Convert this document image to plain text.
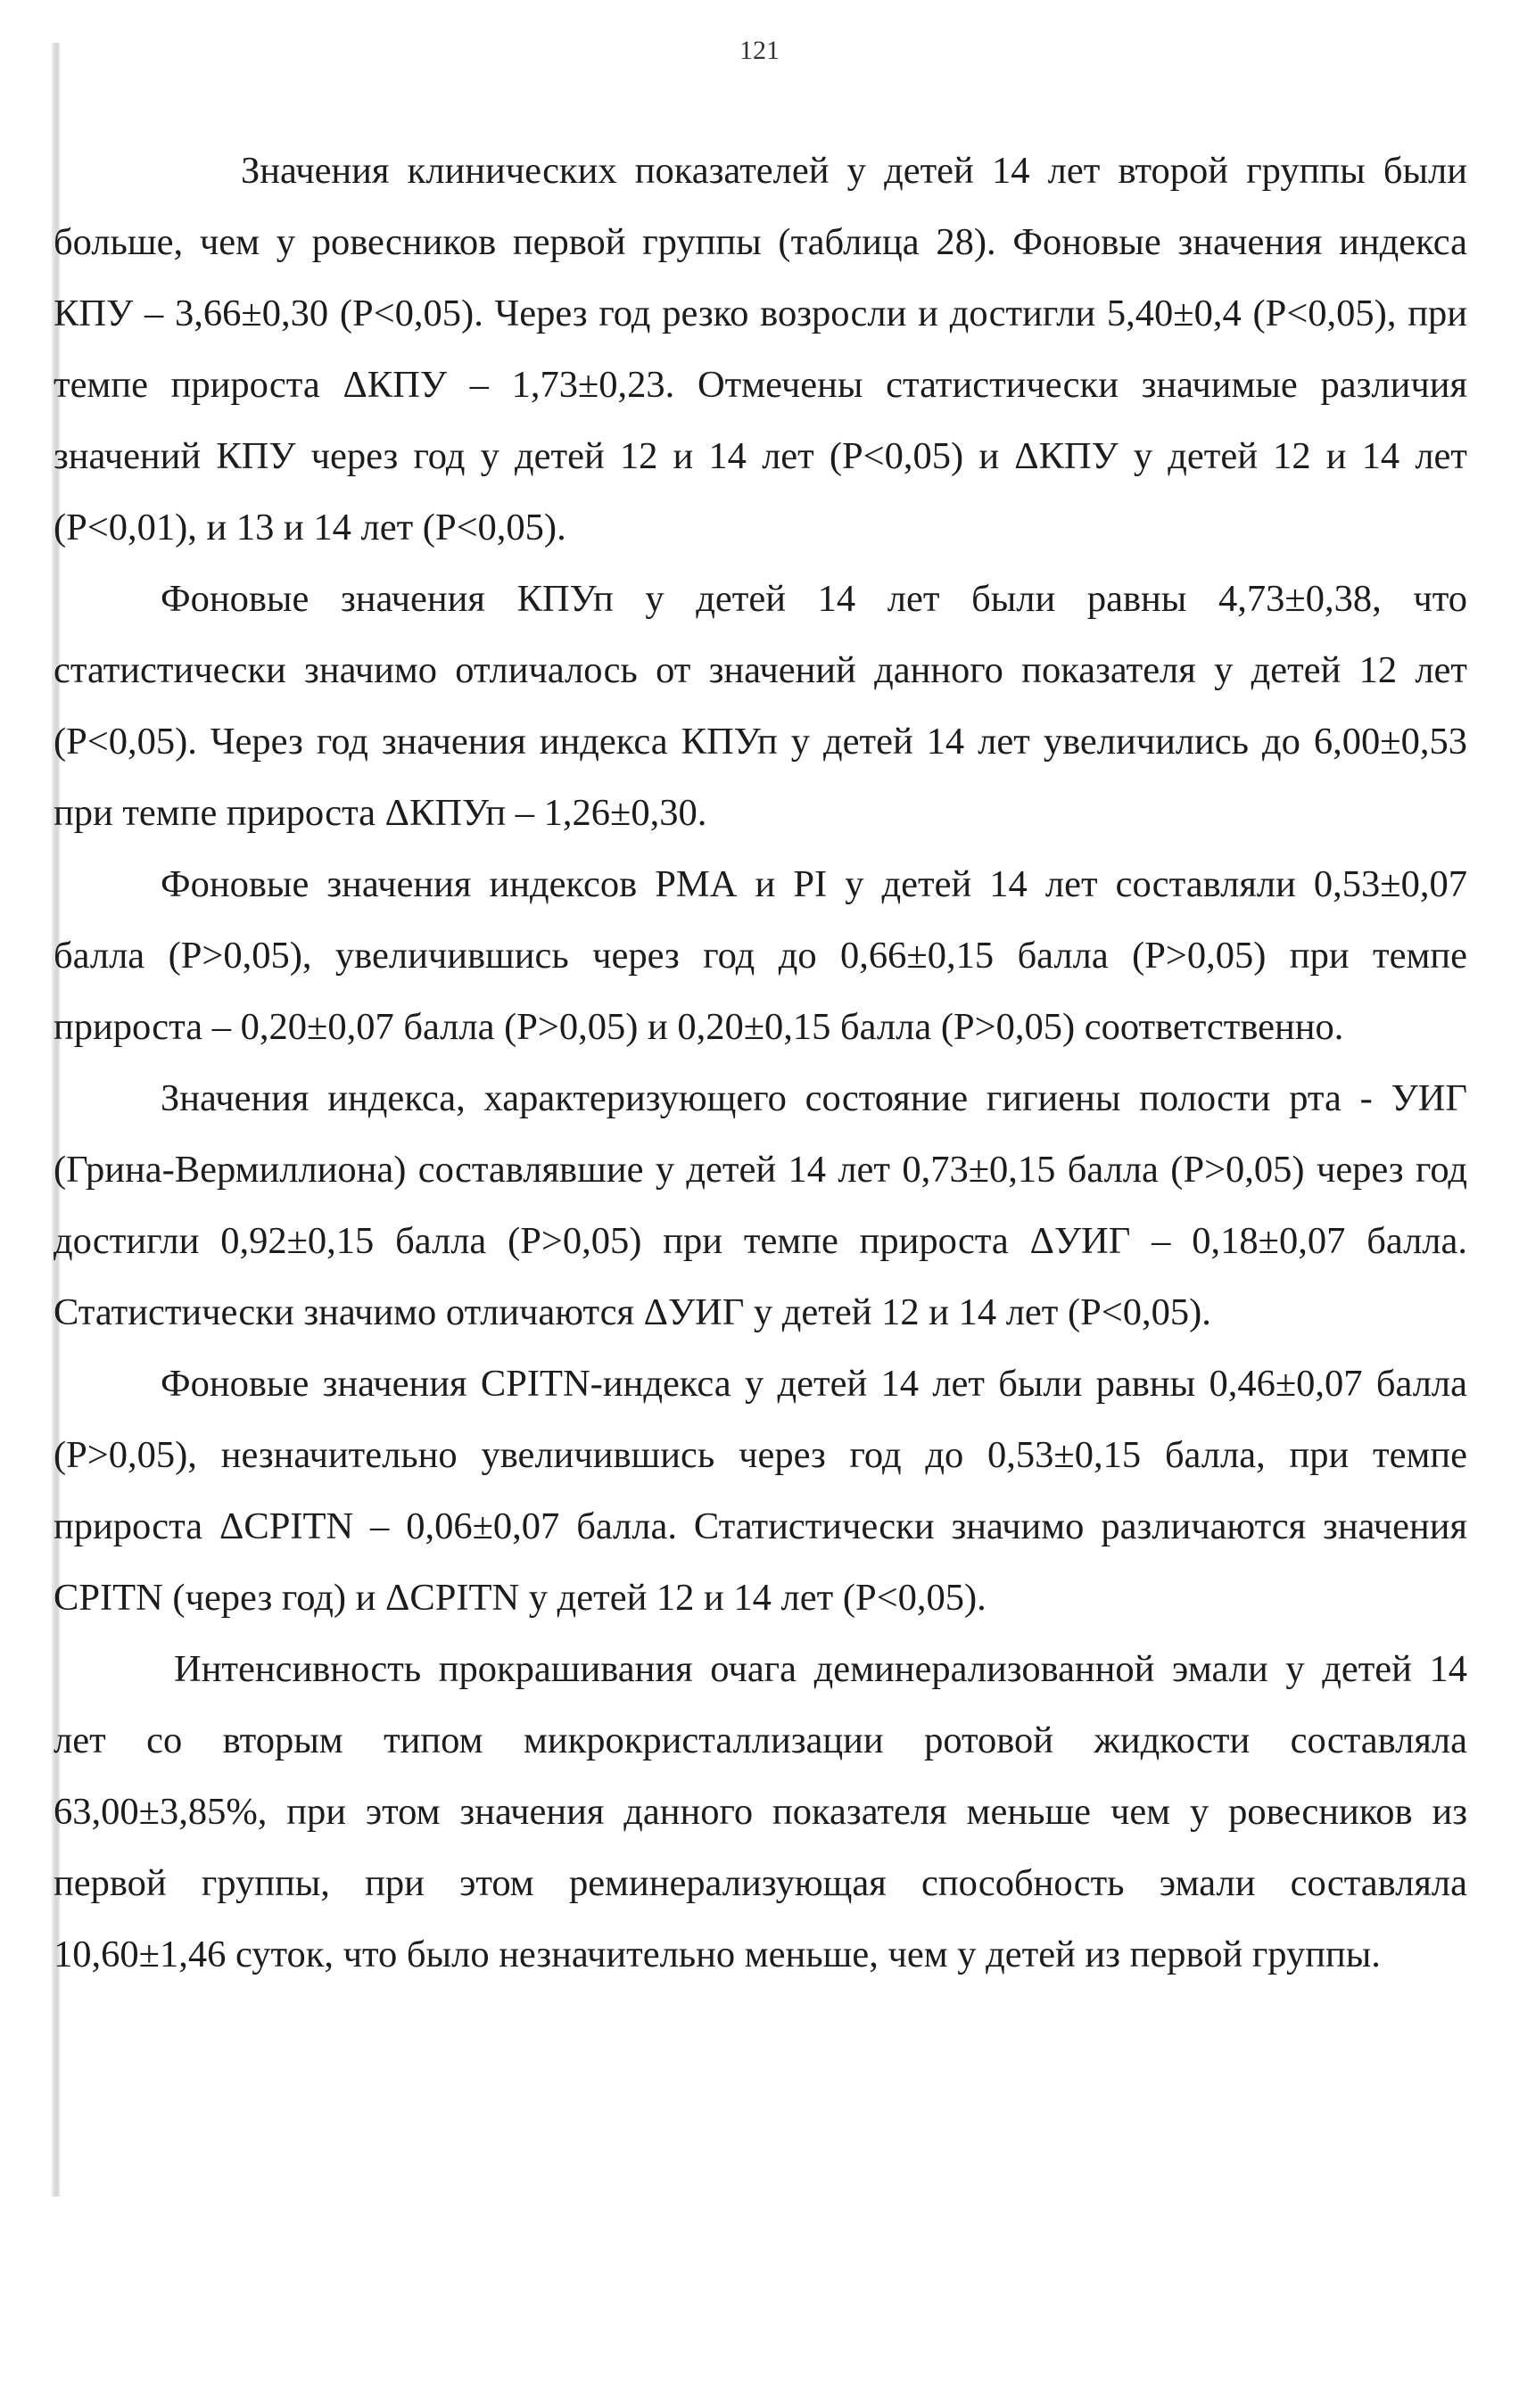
121

Значения клинических показателей у детей 14 лет второй группы были больше, чем у ровесников первой группы (таблица 28). Фоновые значения индекса КПУ – 3,66±0,30 (Р<0,05). Через год резко возросли и достигли 5,40±0,4 (Р<0,05), при темпе прироста ΔКПУ – 1,73±0,23. Отмечены статистически значимые различия значений КПУ через год у детей 12 и 14 лет (Р<0,05) и ΔКПУ у детей 12 и 14 лет (Р<0,01), и 13 и 14 лет (Р<0,05).

Фоновые значения КПУп у детей 14 лет были равны 4,73±0,38, что статистически значимо отличалось от значений данного показателя у детей 12 лет (Р<0,05). Через год значения индекса КПУп у детей 14 лет увеличились до 6,00±0,53 при темпе прироста ΔКПУп – 1,26±0,30.

Фоновые значения индексов РМА и PI у детей 14 лет составляли 0,53±0,07 балла (Р>0,05), увеличившись через год до 0,66±0,15 балла (Р>0,05) при темпе прироста – 0,20±0,07 балла (Р>0,05) и 0,20±0,15 балла (Р>0,05) соответственно.

Значения индекса, характеризующего состояние гигиены полости рта - УИГ (Грина-Вермиллиона) составлявшие у детей 14 лет 0,73±0,15 балла (Р>0,05) через год достигли 0,92±0,15 балла (Р>0,05) при темпе прироста ΔУИГ – 0,18±0,07 балла. Статистически значимо отличаются ΔУИГ у детей 12 и 14 лет (Р<0,05).

Фоновые значения CPITN-индекса у детей 14 лет были равны 0,46±0,07 балла (Р>0,05), незначительно увеличившись через год до 0,53±0,15 балла, при темпе прироста ΔCPITN – 0,06±0,07 балла. Статистически значимо различаются значения CPITN (через год) и ΔCPITN у детей 12 и 14 лет (Р<0,05).

Интенсивность прокрашивания очага деминерализованной эмали у детей 14 лет со вторым типом микрокристаллизации ротовой жидкости составляла 63,00±3,85%, при этом значения данного показателя меньше чем у ровесников из первой группы, при этом реминерализующая способность эмали составляла 10,60±1,46 суток, что было незначительно меньше, чем у детей из первой группы.
